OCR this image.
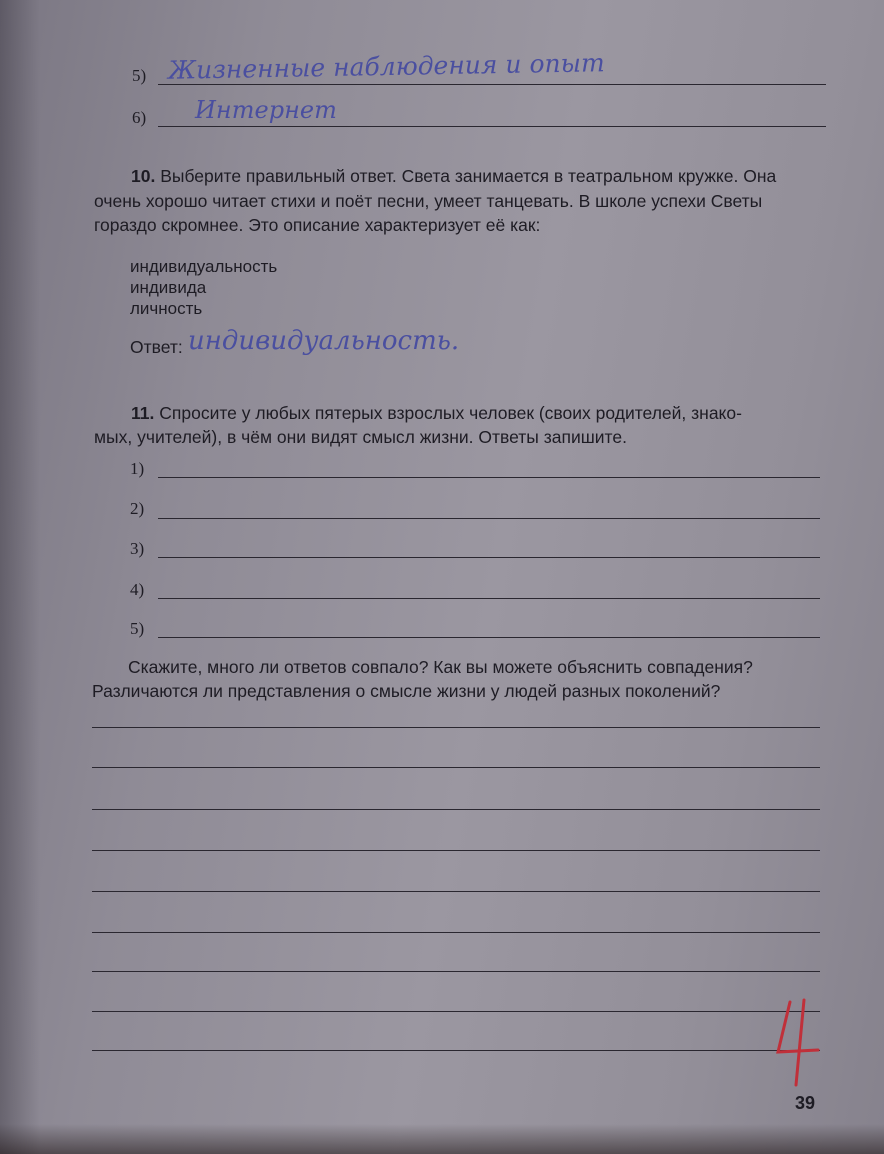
5) Жизненные наблюдения и опыт
6) Интернет
10. Выберите правильный ответ. Света занимается в театральном кружке. Она
очень хорошо читает стихи и поёт песни, умеет танцевать. В школе успехи Светы
гораздо скромнее. Это описание характеризует её как:
индивидуальность
индивида
личность
Ответ: индивидуальность.
11. Спросите у любых пятерых взрослых человек (своих родителей, знако-
мых, учителей), в чём они видят смысл жизни. Ответы запишите.
1)
2)
3)
4)
5)
Скажите, много ли ответов совпало? Как вы можете объяснить совпадения?
Различаются ли представления о смысле жизни у людей разных поколений?
39
